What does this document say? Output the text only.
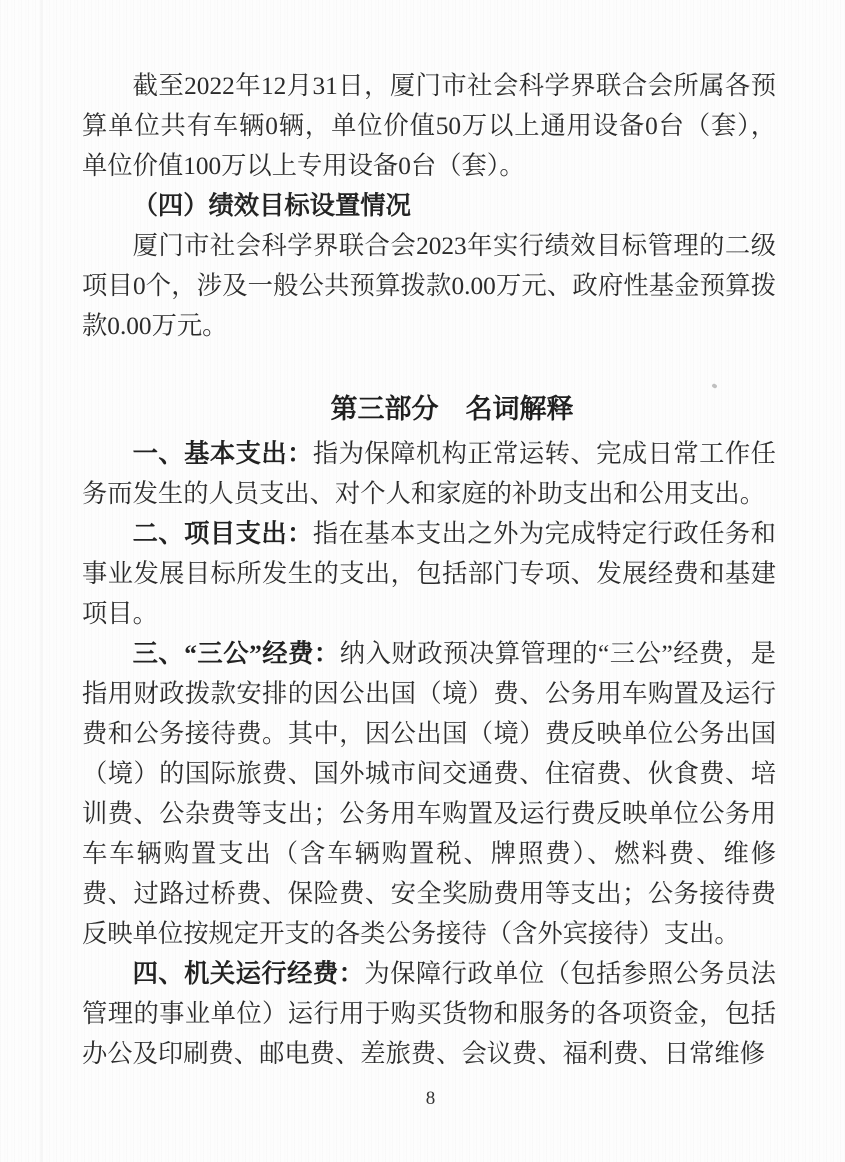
截至2022年12月31日，厦门市社会科学界联合会所属各预算单位共有车辆0辆，单位价值50万以上通用设备0台（套），单位价值100万以上专用设备0台（套）。

（四）绩效目标设置情况

厦门市社会科学界联合会2023年实行绩效目标管理的二级项目0个，涉及一般公共预算拨款0.00万元、政府性基金预算拨款0.00万元。

第三部分　名词解释

一、基本支出：指为保障机构正常运转、完成日常工作任务而发生的人员支出、对个人和家庭的补助支出和公用支出。

二、项目支出：指在基本支出之外为完成特定行政任务和事业发展目标所发生的支出，包括部门专项、发展经费和基建项目。

三、“三公”经费：纳入财政预决算管理的“三公”经费，是指用财政拨款安排的因公出国（境）费、公务用车购置及运行费和公务接待费。其中，因公出国（境）费反映单位公务出国（境）的国际旅费、国外城市间交通费、住宿费、伙食费、培训费、公杂费等支出；公务用车购置及运行费反映单位公务用车车辆购置支出（含车辆购置税、牌照费）、燃料费、维修费、过路过桥费、保险费、安全奖励费用等支出；公务接待费反映单位按规定开支的各类公务接待（含外宾接待）支出。

四、机关运行经费：为保障行政单位（包括参照公务员法管理的事业单位）运行用于购买货物和服务的各项资金，包括办公及印刷费、邮电费、差旅费、会议费、福利费、日常维修

8
